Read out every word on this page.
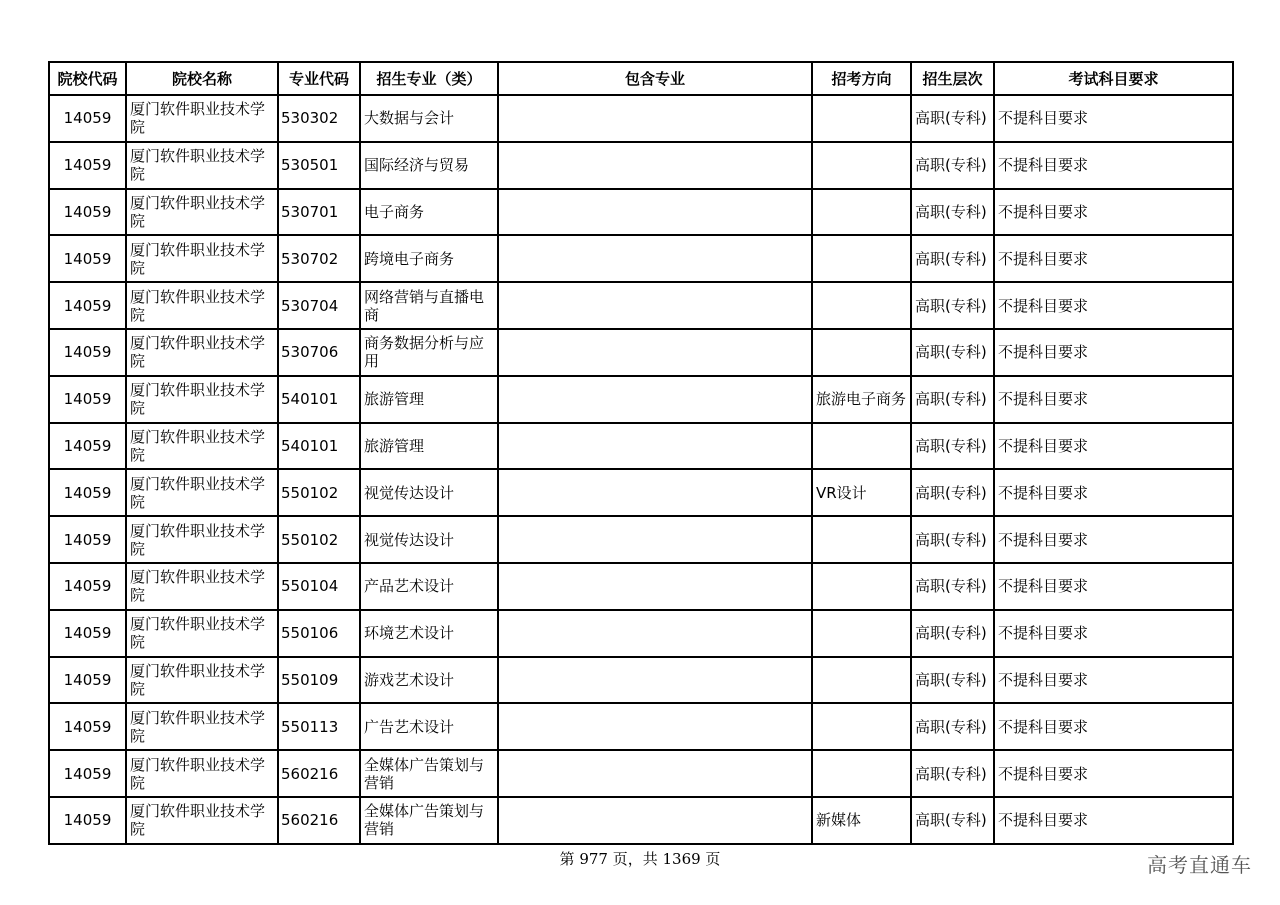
院校代码	院校名称	专业代码	招生专业（类）	包含专业	招考方向	招生层次	考试科目要求
14059	厦门软件职业技术学院	530302	大数据与会计			高职(专科)	不提科目要求
14059	厦门软件职业技术学院	530501	国际经济与贸易			高职(专科)	不提科目要求
14059	厦门软件职业技术学院	530701	电子商务			高职(专科)	不提科目要求
14059	厦门软件职业技术学院	530702	跨境电子商务			高职(专科)	不提科目要求
14059	厦门软件职业技术学院	530704	网络营销与直播电商			高职(专科)	不提科目要求
14059	厦门软件职业技术学院	530706	商务数据分析与应用			高职(专科)	不提科目要求
14059	厦门软件职业技术学院	540101	旅游管理		旅游电子商务	高职(专科)	不提科目要求
14059	厦门软件职业技术学院	540101	旅游管理			高职(专科)	不提科目要求
14059	厦门软件职业技术学院	550102	视觉传达设计		VR设计	高职(专科)	不提科目要求
14059	厦门软件职业技术学院	550102	视觉传达设计			高职(专科)	不提科目要求
14059	厦门软件职业技术学院	550104	产品艺术设计			高职(专科)	不提科目要求
14059	厦门软件职业技术学院	550106	环境艺术设计			高职(专科)	不提科目要求
14059	厦门软件职业技术学院	550109	游戏艺术设计			高职(专科)	不提科目要求
14059	厦门软件职业技术学院	550113	广告艺术设计			高职(专科)	不提科目要求
14059	厦门软件职业技术学院	560216	全媒体广告策划与营销			高职(专科)	不提科目要求
14059	厦门软件职业技术学院	560216	全媒体广告策划与营销		新媒体	高职(专科)	不提科目要求
第 977 页，共 1369 页	高考直通车
